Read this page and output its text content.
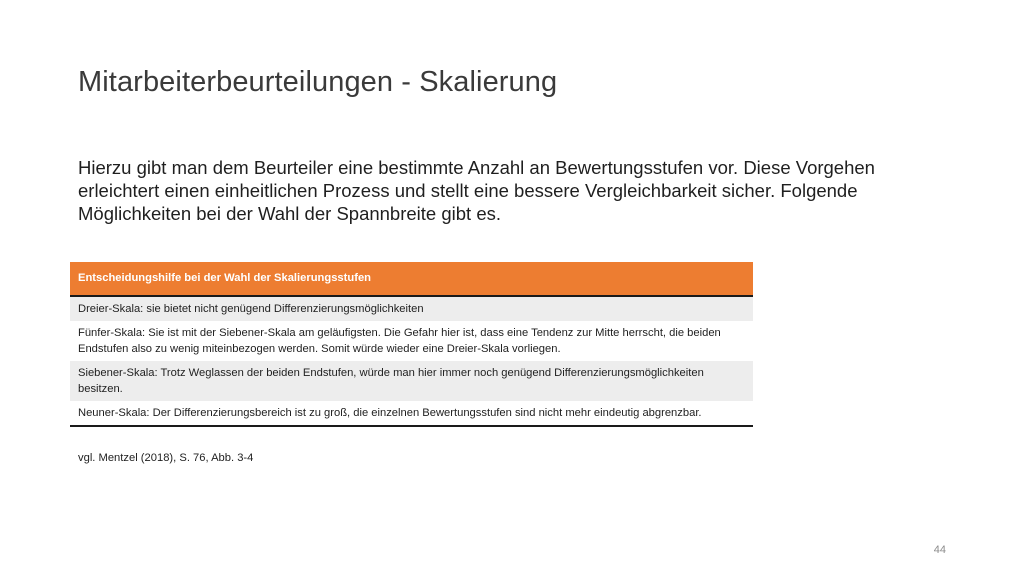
Mitarbeiterbeurteilungen - Skalierung
Hierzu gibt man dem Beurteiler eine bestimmte Anzahl an Bewertungsstufen vor. Diese Vorgehen erleichtert einen einheitlichen Prozess und stellt eine bessere Vergleichbarkeit sicher. Folgende Möglichkeiten bei der Wahl der Spannbreite gibt es.
Entscheidungshilfe bei der Wahl der Skalierungsstufen
Dreier-Skala: sie bietet nicht genügend Differenzierungsmöglichkeiten
Fünfer-Skala: Sie ist mit der Siebener-Skala am geläufigsten. Die Gefahr hier ist, dass eine Tendenz zur Mitte herrscht, die beiden Endstufen also zu wenig miteinbezogen werden. Somit würde wieder eine Dreier-Skala vorliegen.
Siebener-Skala: Trotz Weglassen der beiden Endstufen, würde man hier immer noch genügend Differenzierungsmöglichkeiten besitzen.
Neuner-Skala: Der Differenzierungsbereich ist zu groß, die einzelnen Bewertungsstufen sind nicht mehr eindeutig abgrenzbar.
vgl. Mentzel (2018), S. 76, Abb. 3-4
44
